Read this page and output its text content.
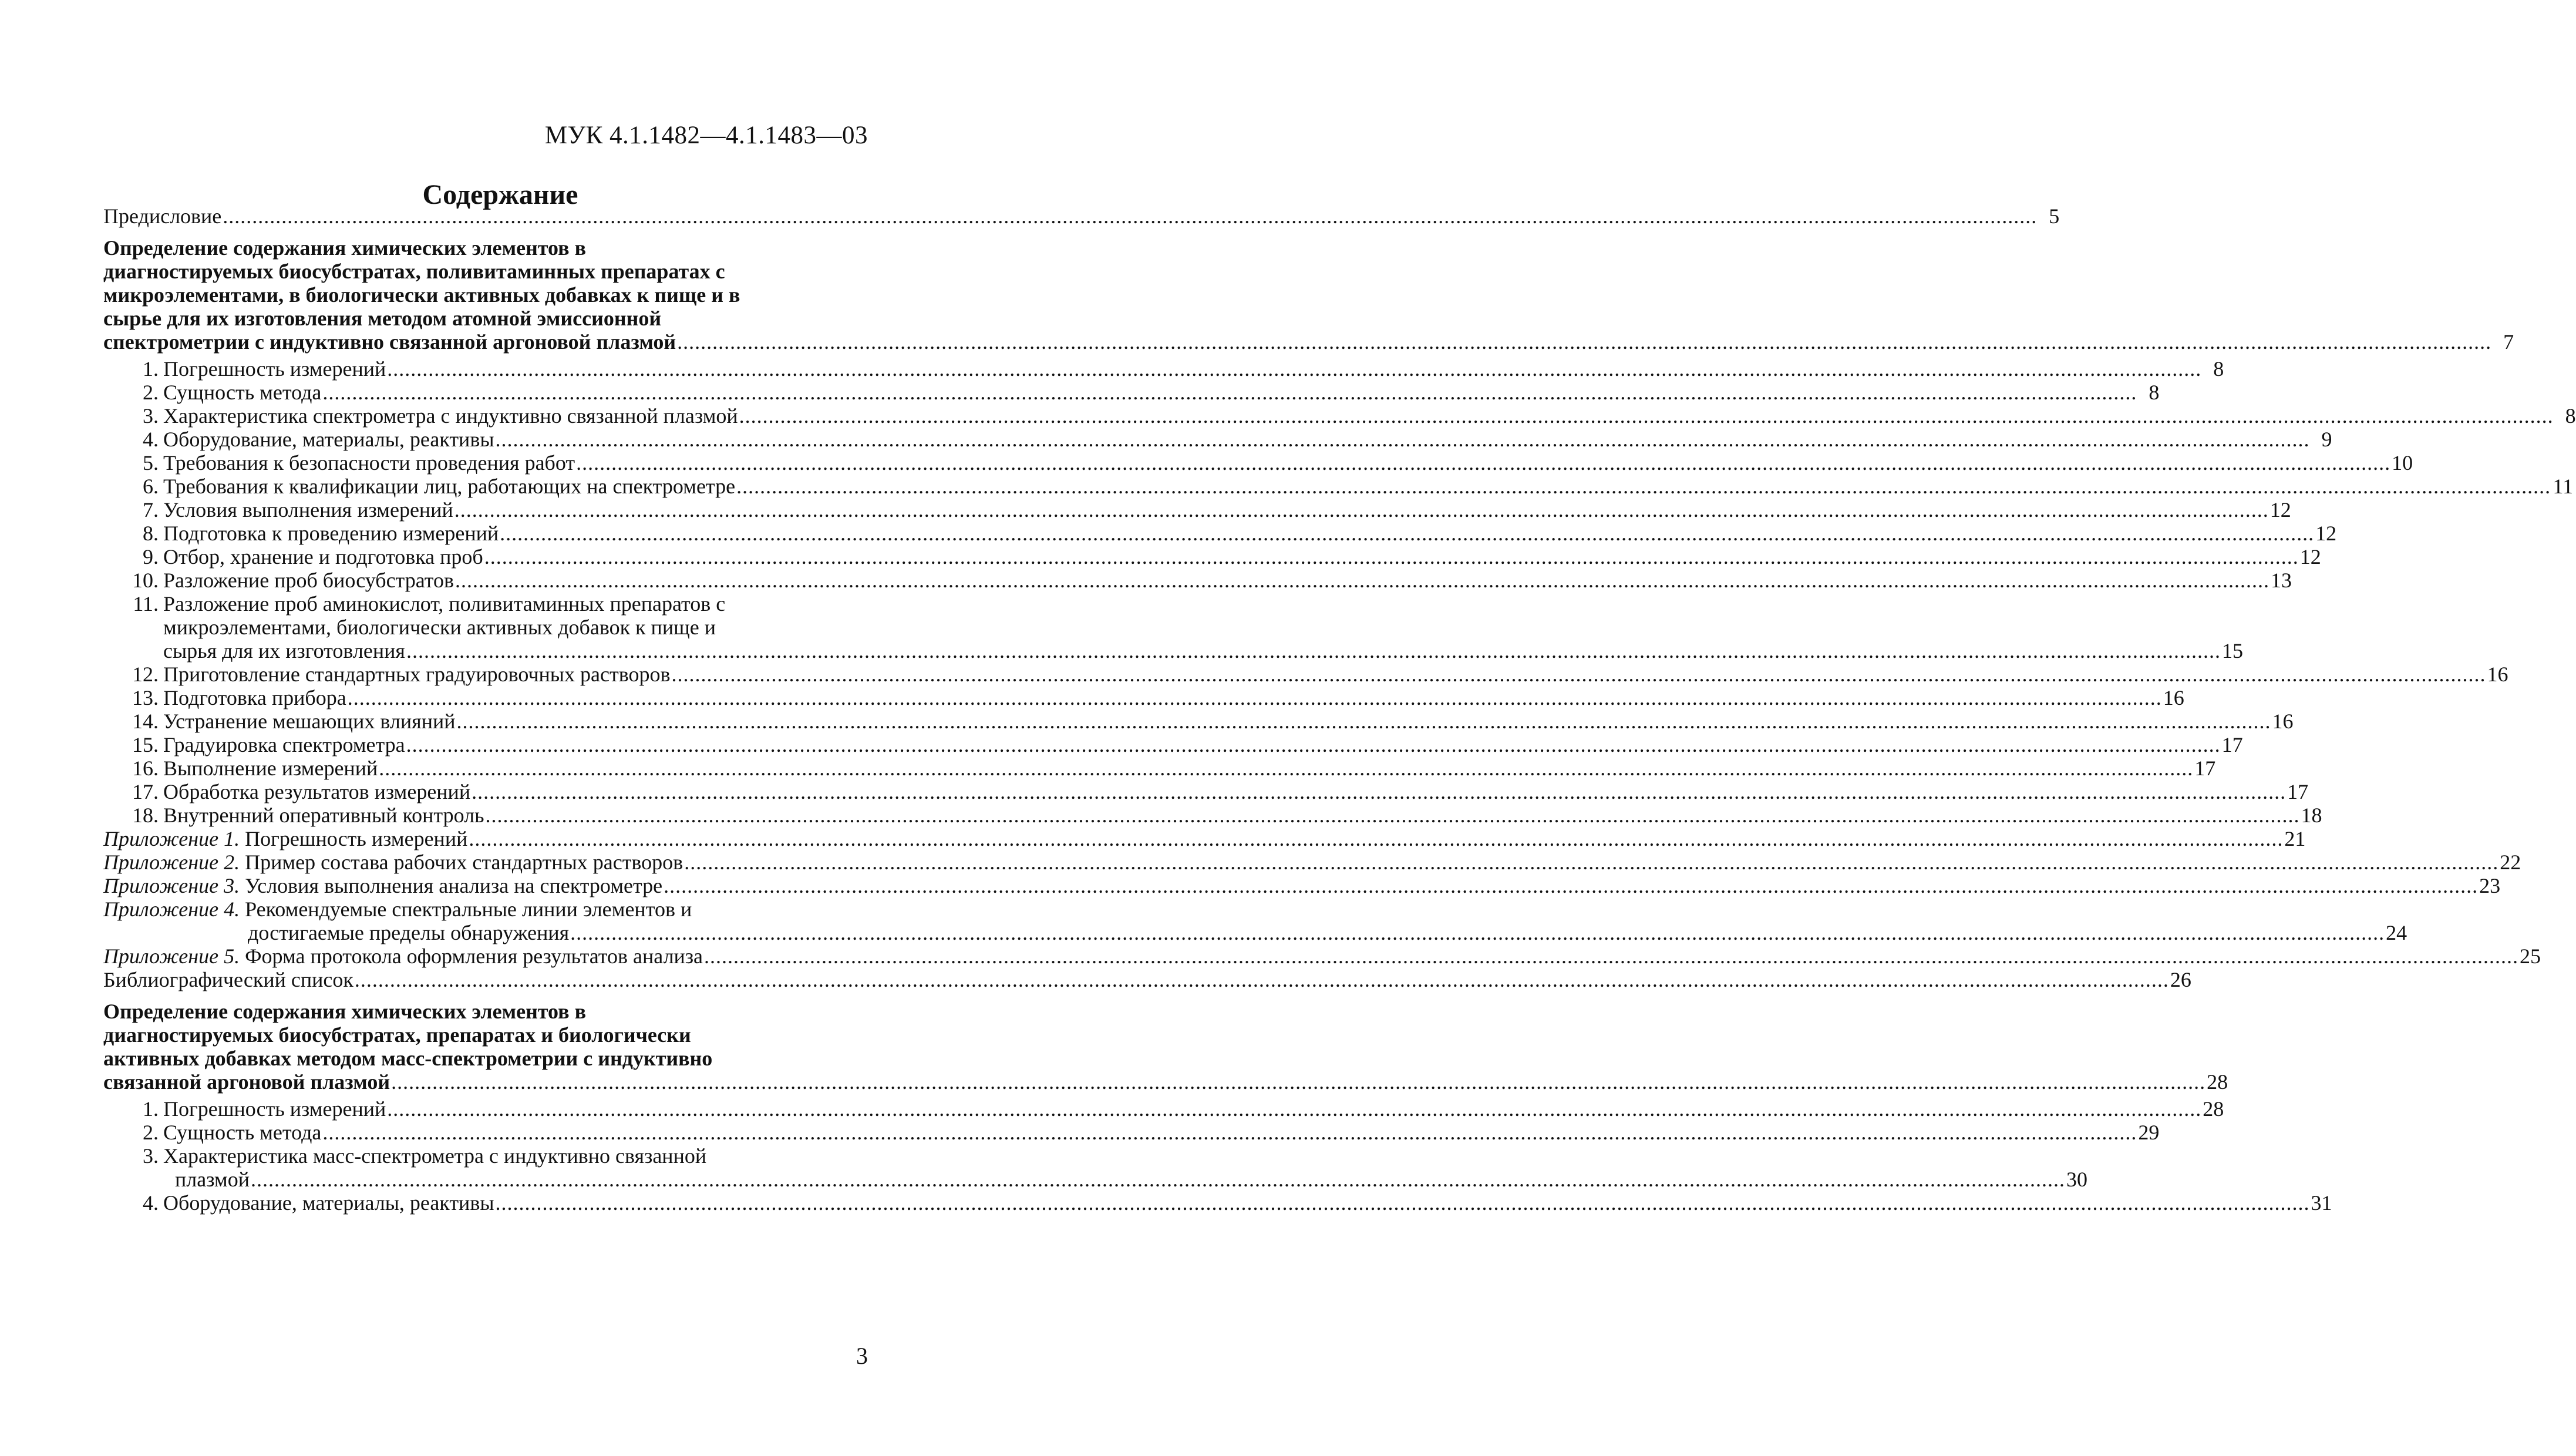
МУК 4.1.1482—4.1.1483—03
Содержание
Предисловие .....	5
Определение содержания химических элементов в
диагностируемых биосубстратах, поливитаминных препаратах с
микроэлементами, в биологически активных добавках к пище и в
сырье для их изготовления методом атомной эмиссионной
спектрометрии с индуктивно связанной аргоновой плазмой .....	7
1. Погрешность измерений .....	8
2. Сущность метода .....	8
3. Характеристика спектрометра с индуктивно связанной плазмой .....	8
4. Оборудование, материалы, реактивы .....	9
5. Требования к безопасности проведения работ .....	10
6. Требования к квалификации лиц, работающих на спектрометре .....	11
7. Условия выполнения измерений .....	12
8. Подготовка к проведению измерений .....	12
9. Отбор, хранение и подготовка проб .....	12
10. Разложение проб биосубстратов .....	13
11. Разложение проб аминокислот, поливитаминных препаратов с
микроэлементами, биологически активных добавок к пище и
сырья для их изготовления .....	15
12. Приготовление стандартных градуировочных растворов .....	16
13. Подготовка прибора .....	16
14. Устранение мешающих влияний .....	16
15. Градуировка спектрометра .....	17
16. Выполнение измерений .....	17
17. Обработка результатов измерений .....	17
18. Внутренний оперативный контроль .....	18
Приложение 1. Погрешность измерений .....	21
Приложение 2. Пример состава рабочих стандартных растворов .....	22
Приложение 3. Условия выполнения анализа на спектрометре .....	23
Приложение 4. Рекомендуемые спектральные линии элементов и
достигаемые пределы обнаружения .....	24
Приложение 5. Форма протокола оформления результатов анализа .....	25
Библиографический список .....	26
Определение содержания химических элементов в
диагностируемых биосубстратах, препаратах и биологически
активных добавках методом масс-спектрометрии с индуктивно
связанной аргоновой плазмой .....	28
1. Погрешность измерений .....	28
2. Сущность метода .....	29
3. Характеристика масс-спектрометра с индуктивно связанной
плазмой .....	30
4. Оборудование, материалы, реактивы .....	31
3
